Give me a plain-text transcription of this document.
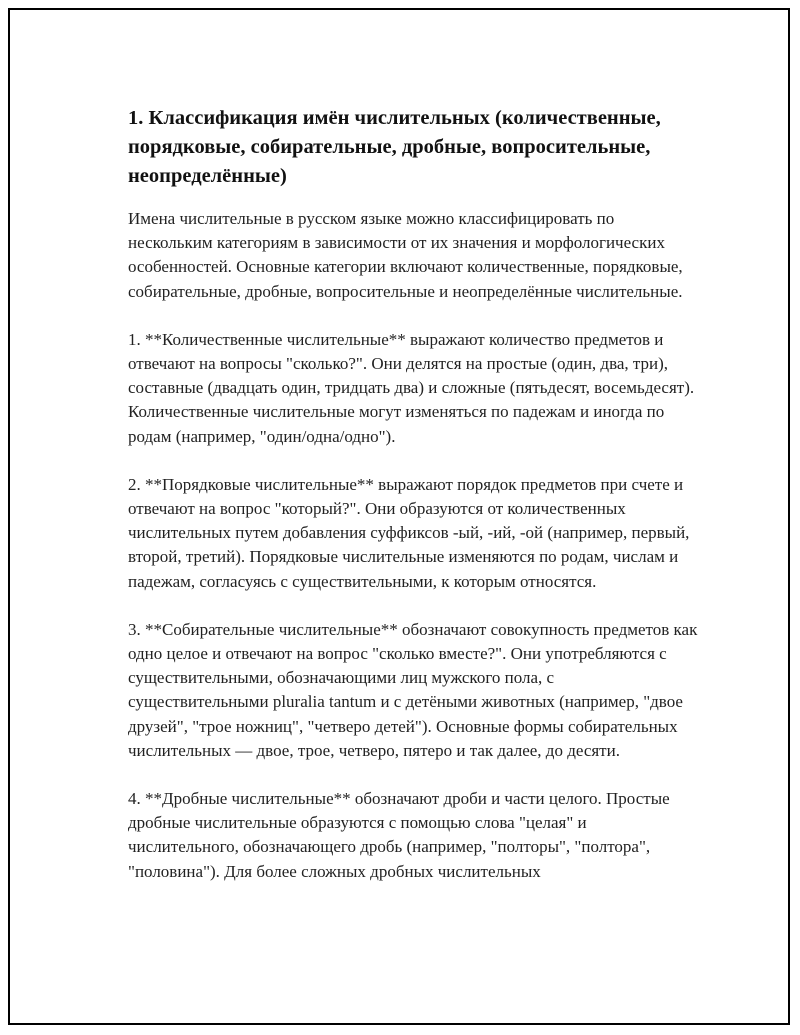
1. Классификация имён числительных (количественные, порядковые, собирательные, дробные, вопросительные, неопределённые)

Имена числительные в русском языке можно классифицировать по нескольким категориям в зависимости от их значения и морфологических особенностей. Основные категории включают количественные, порядковые, собирательные, дробные, вопросительные и неопределённые числительные.

1. **Количественные числительные** выражают количество предметов и отвечают на вопросы "сколько?". Они делятся на простые (один, два, три), составные (двадцать один, тридцать два) и сложные (пятьдесят, восемьдесят). Количественные числительные могут изменяться по падежам и иногда по родам (например, "один/одна/одно").

2. **Порядковые числительные** выражают порядок предметов при счете и отвечают на вопрос "который?". Они образуются от количественных числительных путем добавления суффиксов -ый, -ий, -ой (например, первый, второй, третий). Порядковые числительные изменяются по родам, числам и падежам, согласуясь с существительными, к которым относятся.

3. **Собирательные числительные** обозначают совокупность предметов как одно целое и отвечают на вопрос "сколько вместе?". Они употребляются с существительными, обозначающими лиц мужского пола, с существительными pluralia tantum и с детёными животных (например, "двое друзей", "трое ножниц", "четверо детей"). Основные формы собирательных числительных — двое, трое, четверо, пятеро и так далее, до десяти.

4. **Дробные числительные** обозначают дроби и части целого. Простые дробные числительные образуются с помощью слова "целая" и числительного, обозначающего дробь (например, "полторы", "полтора", "половина"). Для более сложных дробных числительных
